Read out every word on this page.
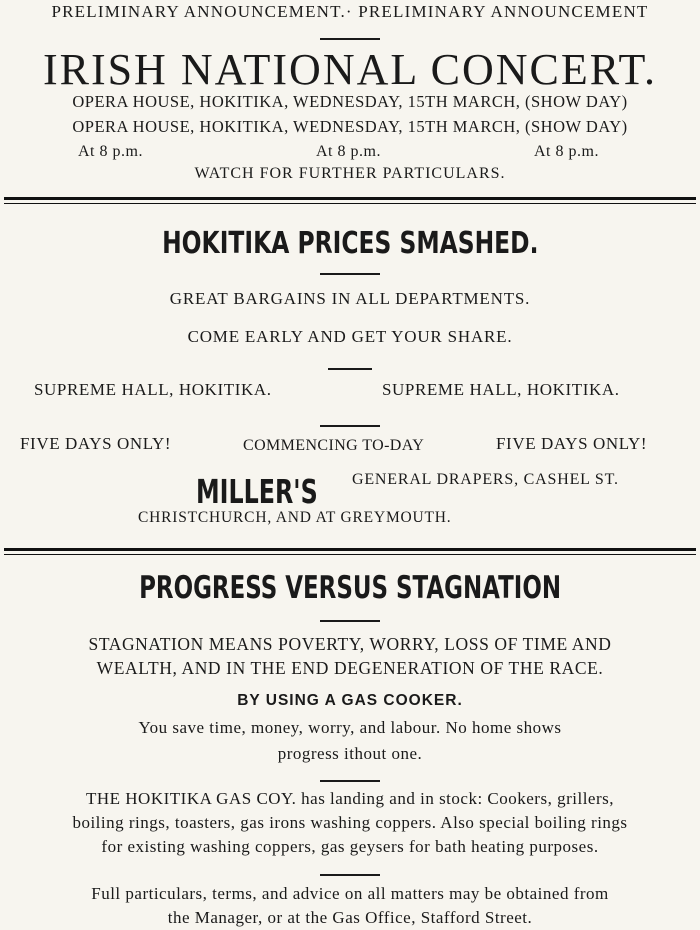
PRELIMINARY ANNOUNCEMENT.· PRELIMINARY ANNOUNCEMENT
IRISH NATIONAL CONCERT.
OPERA HOUSE, HOKITIKA, WEDNESDAY, 15TH MARCH, (SHOW DAY)
OPERA HOUSE, HOKITIKA, WEDNESDAY, 15TH MARCH, (SHOW DAY)
At 8 p.m.	At 8 p.m.	At 8 p.m.
WATCH FOR FURTHER PARTICULARS.
HOKITIKA PRICES SMASHED.
GREAT BARGAINS IN ALL DEPARTMENTS.
COME EARLY AND GET YOUR SHARE.
SUPREME HALL, HOKITIKA.	SUPREME HALL, HOKITIKA.
FIVE DAYS ONLY!	COMMENCING TO-DAY	FIVE DAYS ONLY!
MILLER'S	GENERAL DRAPERS, CASHEL ST.
CHRISTCHURCH, AND AT GREYMOUTH.
PROGRESS VERSUS STAGNATION
STAGNATION MEANS POVERTY, WORRY, LOSS OF TIME AND
WEALTH, AND IN THE END DEGENERATION OF THE RACE.
BY USING A GAS COOKER.
You save time, money, worry, and labour. No home shows
progress ithout one.
THE HOKITIKA GAS COY. has landing and in stock: Cookers, grillers,
boiling rings, toasters, gas irons washing coppers. Also special boiling rings
for existing washing coppers, gas geysers for bath heating purposes.
Full particulars, terms, and advice on all matters may be obtained from
the Manager, or at the Gas Office, Stafford Street.
